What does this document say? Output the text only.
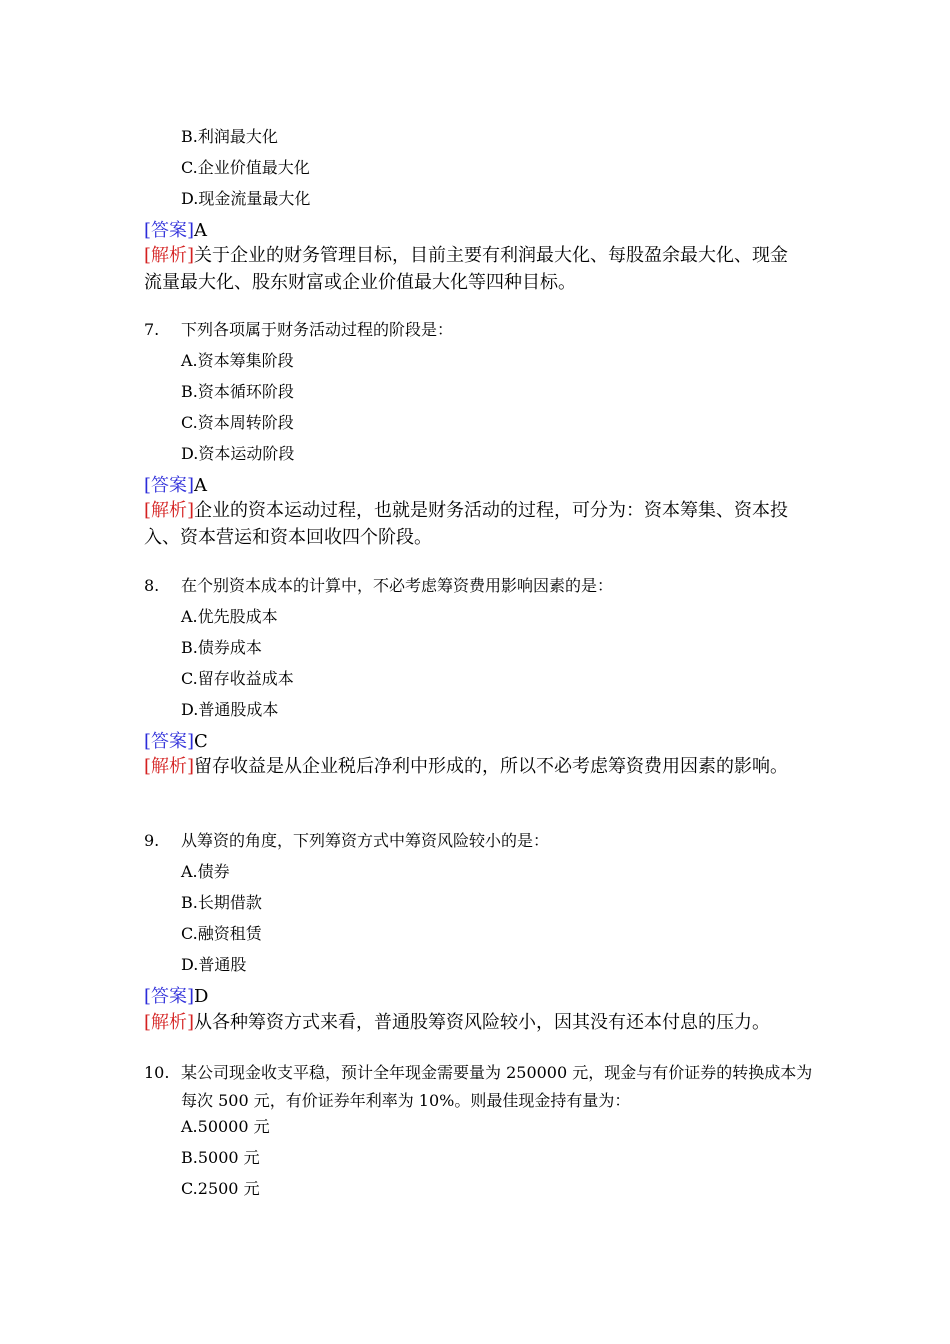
B.利润最大化
C.企业价值最大化
D.现金流量最大化
[答案]A
[解析]关于企业的财务管理目标，目前主要有利润最大化、每股盈余最大化、现金流量最大化、股东财富或企业价值最大化等四种目标。
7. 下列各项属于财务活动过程的阶段是：
A.资本筹集阶段
B.资本循环阶段
C.资本周转阶段
D.资本运动阶段
[答案]A
[解析]企业的资本运动过程，也就是财务活动的过程，可分为：资本筹集、资本投入、资本营运和资本回收四个阶段。
8. 在个别资本成本的计算中，不必考虑筹资费用影响因素的是：
A.优先股成本
B.债券成本
C.留存收益成本
D.普通股成本
[答案]C
[解析]留存收益是从企业税后净利中形成的，所以不必考虑筹资费用因素的影响。
9. 从筹资的角度，下列筹资方式中筹资风险较小的是：
A.债券
B.长期借款
C.融资租赁
D.普通股
[答案]D
[解析]从各种筹资方式来看，普通股筹资风险较小，因其没有还本付息的压力。
10. 某公司现金收支平稳，预计全年现金需要量为 250000 元，现金与有价证券的转换成本为每次 500 元，有价证券年利率为 10%。则最佳现金持有量为：
A.50000 元
B.5000 元
C.2500 元
